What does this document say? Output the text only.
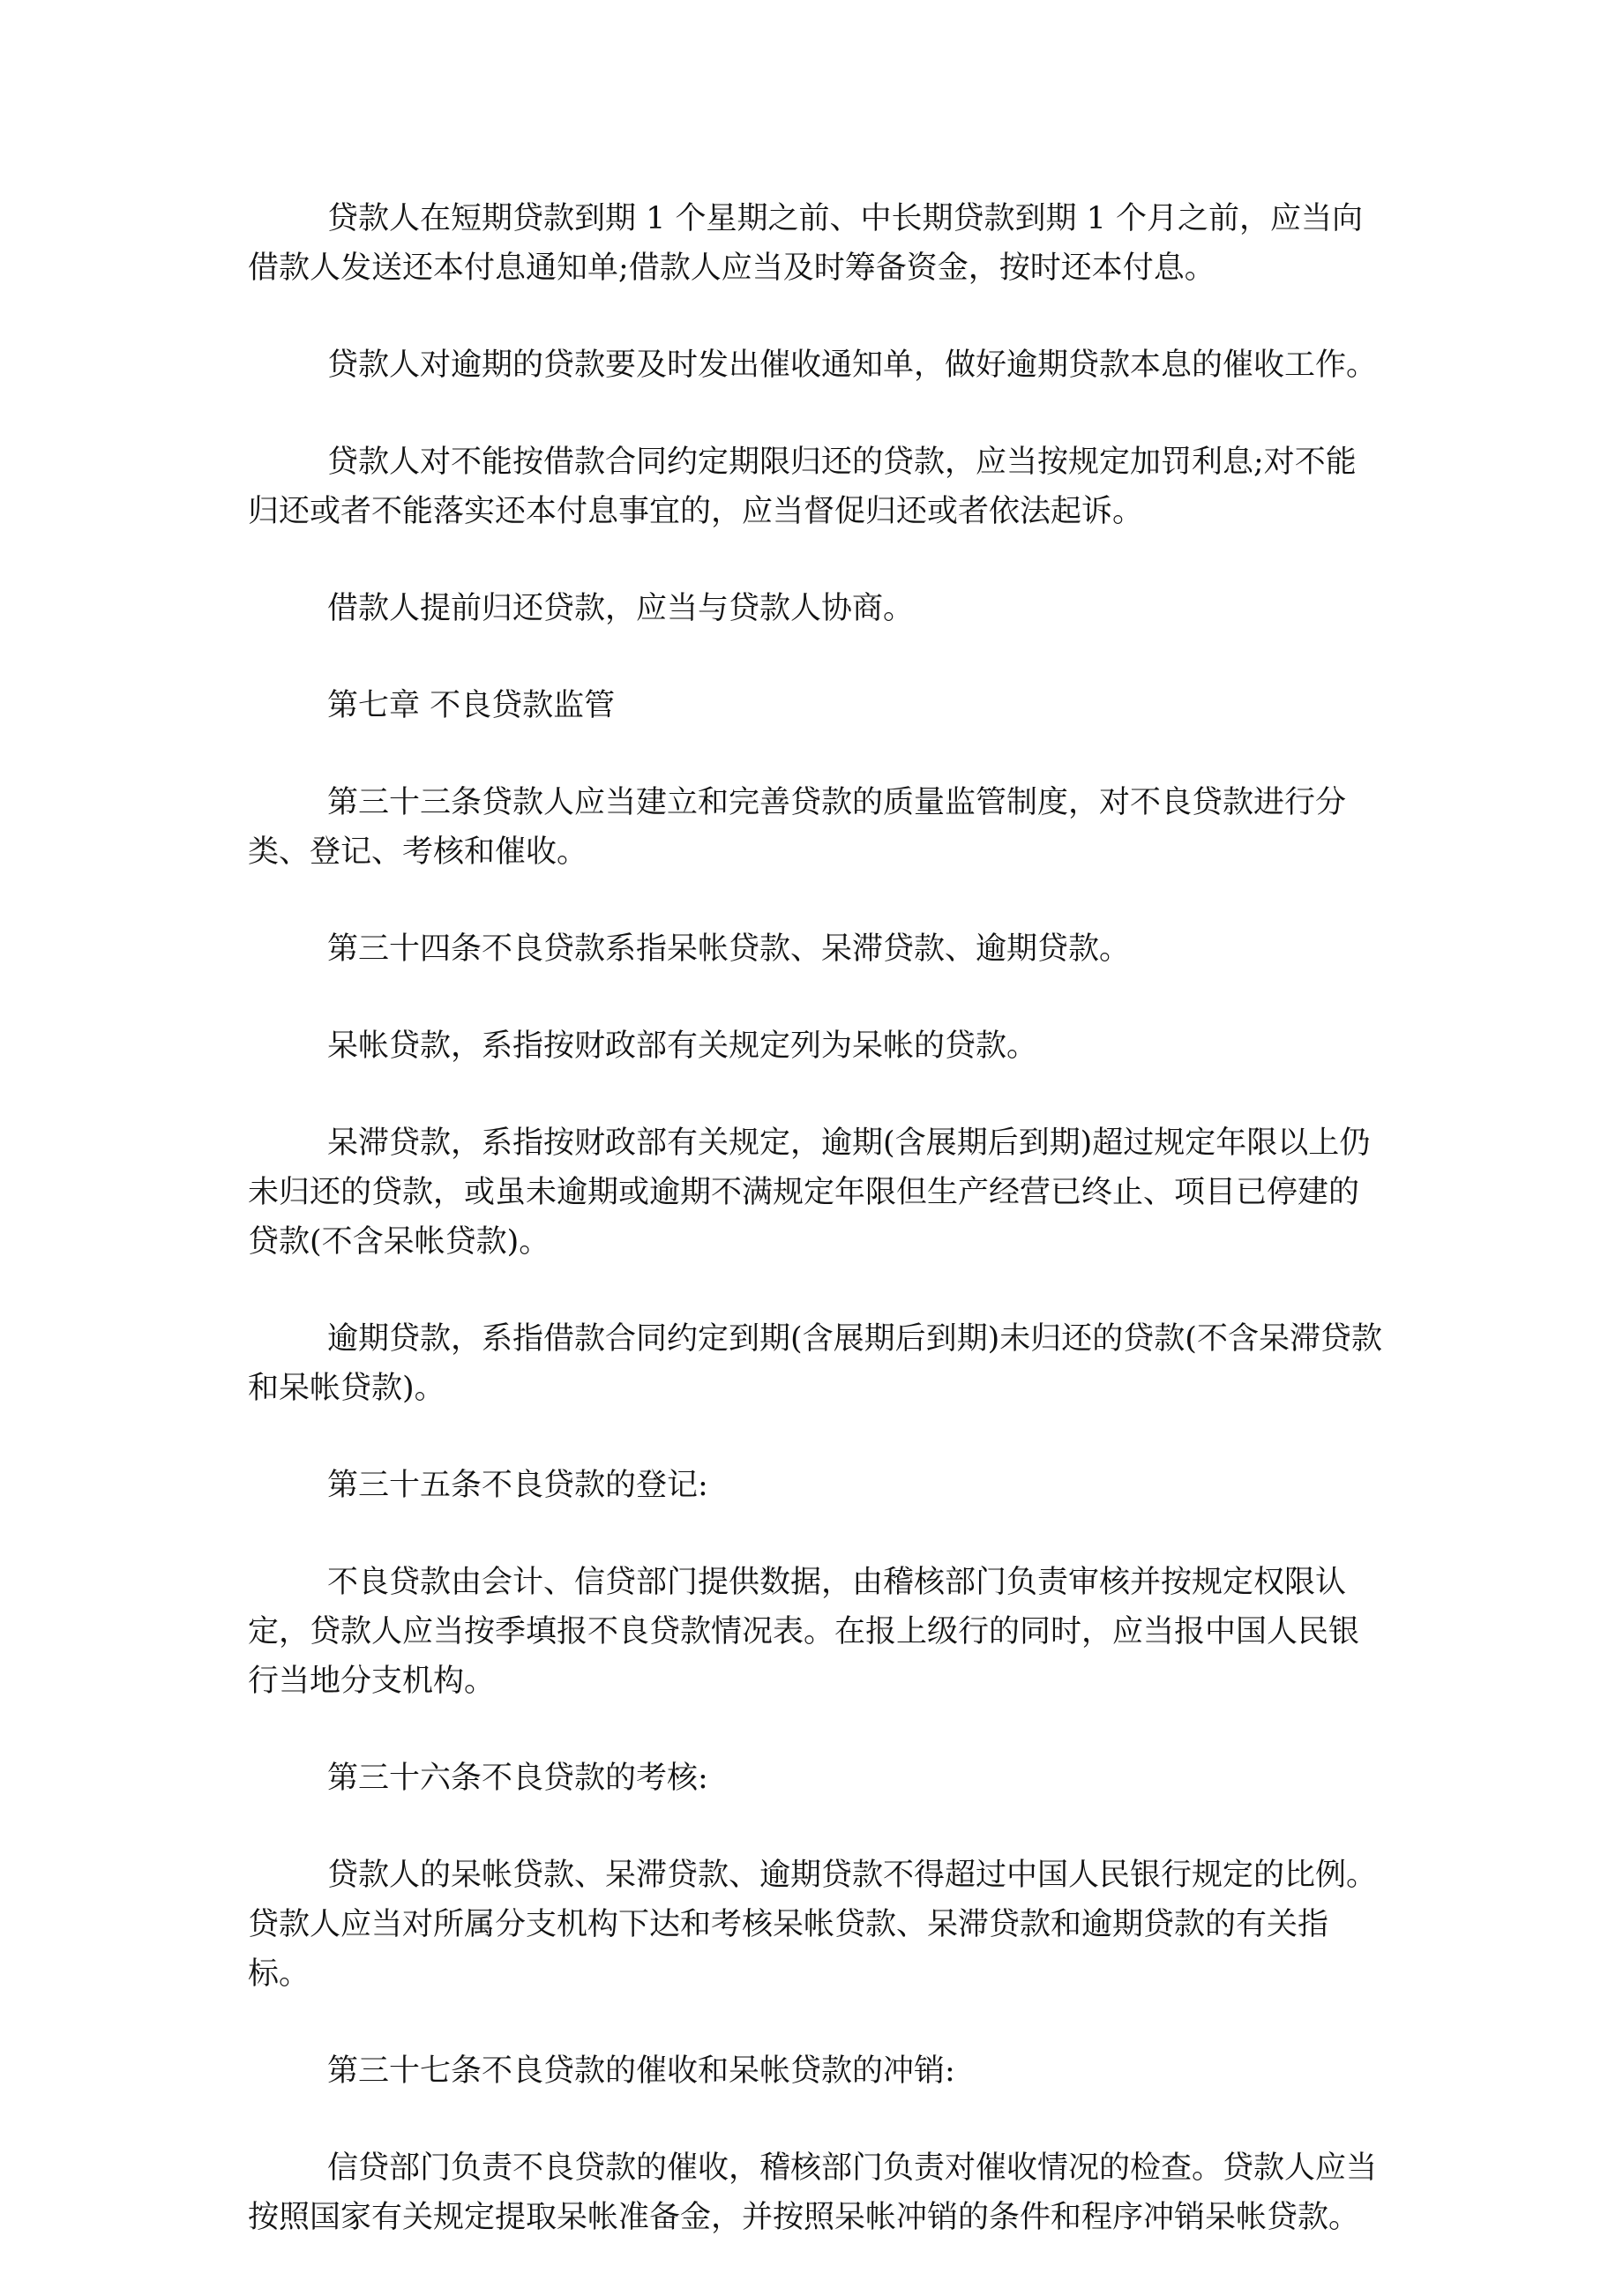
贷款人在短期贷款到期 1 个星期之前、中长期贷款到期 1 个月之前，应当向借款人发送还本付息通知单;借款人应当及时筹备资金，按时还本付息。

贷款人对逾期的贷款要及时发出催收通知单，做好逾期贷款本息的催收工作。

贷款人对不能按借款合同约定期限归还的贷款，应当按规定加罚利息;对不能归还或者不能落实还本付息事宜的，应当督促归还或者依法起诉。

借款人提前归还贷款，应当与贷款人协商。

第七章 不良贷款监管

第三十三条贷款人应当建立和完善贷款的质量监管制度，对不良贷款进行分类、登记、考核和催收。

第三十四条不良贷款系指呆帐贷款、呆滞贷款、逾期贷款。

呆帐贷款，系指按财政部有关规定列为呆帐的贷款。

呆滞贷款，系指按财政部有关规定，逾期(含展期后到期)超过规定年限以上仍未归还的贷款，或虽未逾期或逾期不满规定年限但生产经营已终止、项目已停建的贷款(不含呆帐贷款)。

逾期贷款，系指借款合同约定到期(含展期后到期)未归还的贷款(不含呆滞贷款和呆帐贷款)。

第三十五条不良贷款的登记:

不良贷款由会计、信贷部门提供数据，由稽核部门负责审核并按规定权限认定，贷款人应当按季填报不良贷款情况表。在报上级行的同时，应当报中国人民银行当地分支机构。

第三十六条不良贷款的考核:

贷款人的呆帐贷款、呆滞贷款、逾期贷款不得超过中国人民银行规定的比例。贷款人应当对所属分支机构下达和考核呆帐贷款、呆滞贷款和逾期贷款的有关指标。

第三十七条不良贷款的催收和呆帐贷款的冲销:

信贷部门负责不良贷款的催收，稽核部门负责对催收情况的检查。贷款人应当按照国家有关规定提取呆帐准备金，并按照呆帐冲销的条件和程序冲销呆帐贷款。
